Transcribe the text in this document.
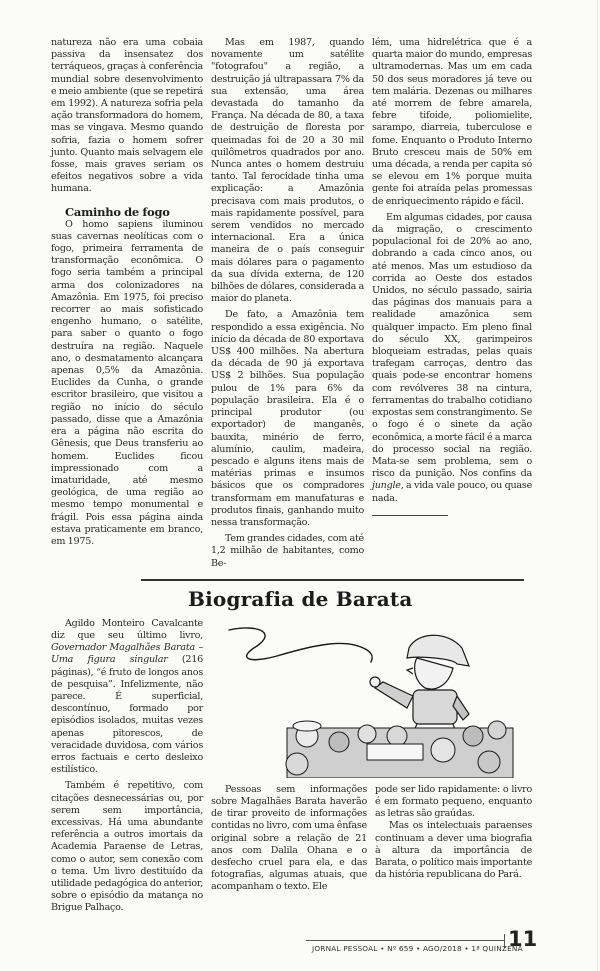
natureza não era uma cobaia passiva da insensatez dos terráqueos, graças à conferência mundial sobre desenvolvimento e meio ambiente (que se repetirá em 1992). A natureza sofria pela ação transformadora do homem, mas se vingava. Mesmo quando sofria, fazia o homem sofrer junto. Quanto mais selvagem ele fosse, mais graves seriam os efeitos negativos sobre a vida humana.

Caminho de fogo

O homo sapiens iluminou suas cavernas neolíticas com o fogo, primeira ferramenta de transformação econômica. O fogo seria também a principal arma dos colonizadores na Amazônia. Em 1975, foi preciso recorrer ao mais sofisticado engenho humano, o satélite, para saber o quanto o fogo destruíra na região. Naquele ano, o desmatamento alcançara apenas 0,5% da Amazônia. Euclides da Cunha, o grande escritor brasileiro, que visitou a região no início do século passado, disse que a Amazônia era a página não escrita do Gênesis, que Deus transferiu ao homem. Euclides ficou impressionado com a imaturidade, até mesmo geológica, de uma região ao mesmo tempo monumental e frágil. Pois essa página ainda estava praticamente em branco, em 1975.

Mas em 1987, quando novamente um satélite "fotografou" a região, a destruição já ultrapassara 7% da sua extensão, uma área devastada do tamanho da França. Na década de 80, a taxa de destruição de floresta por queimadas foi de 20 a 30 mil quilômetros quadrados por ano. Nunca antes o homem destruiu tanto. Tal ferocidade tinha uma explicação: a Amazônia precisava com mais produtos, o mais rapidamente possível, para serem vendidos no mercado internacional. Era a única maneira de o país conseguir mais dólares para o pagamento da sua dívida externa, de 120 bilhões de dólares, considerada a maior do planeta.

De fato, a Amazônia tem respondido a essa exigência. No início da década de 80 exportava US$ 400 milhões. Na abertura da década de 90 já exportava US$ 2 bilhões. Sua população pulou de 1% para 6% da população brasileira. Ela é o principal produtor (ou exportador) de manganês, bauxita, minério de ferro, alumínio, caulim, madeira, pescado e alguns itens mais de matérias primas e insumos básicos que os compradores transformam em manufaturas e produtos finais, ganhando muito nessa transformação.

Tem grandes cidades, com até 1,2 milhão de habitantes, como Be-

lém, uma hidrelétrica que é a quarta maior do mundo, empresas ultramodernas. Mas um em cada 50 dos seus moradores já teve ou tem malária. Dezenas ou milhares até morrem de febre amarela, febre tifoide, poliomielite, sarampo, diarreia, tuberculose e fome. Enquanto o Produto Interno Bruto cresceu mais de 50% em uma década, a renda per capita só se elevou em 1% porque muita gente foi atraída pelas promessas de enriquecimento rápido e fácil.

Em algumas cidades, por causa da migração, o crescimento populacional foi de 20% ao ano, dobrando a cada cinco anos, ou até menos. Mas um estudioso da corrida ao Oeste dos estados Unidos, no século passado, sairia das páginas dos manuais para a realidade amazônica sem qualquer impacto. Em pleno final do século XX, garimpeiros bloqueiam estradas, pelas quais trafegam carroças, dentro das quais pode-se encontrar homens com revólveres 38 na cintura, ferramentas do trabalho cotidiano expostas sem constrangimento. Se o fogo é o sinete da ação econômica, a morte fácil é a marca do processo social na região. Mata-se sem problema, sem o risco da punição. Nos confins da jungle, a vida vale pouco, ou quase nada.

Biografia de Barata

Agildo Monteiro Cavalcante diz que seu último livro, Governador Magalhães Barata – Uma figura singular (216 páginas), “é fruto de longos anos de pesquisa”. Infelizmente, não parece. É superficial, descontínuo, formado por episódios isolados, muitas vezes apenas pitorescos, de veracidade duvidosa, com vários erros factuais e certo desleixo estilístico.

Também é repetitivo, com citações desnecessárias ou, por serem sem importância, excessivas. Há uma abundante referência a outros imortais da Academia Paraense de Letras, como o autor, sem conexão com o tema. Um livro destituído da utilidade pedagógica do anterior, sobre o episódio da matança no Brigue Palhaço.

Pessoas sem informações sobre Magalhães Barata haverão de tirar proveito de informações contidas no livro, com uma ênfase original sobre a relação de 21 anos com Dalila Ohana e o desfecho cruel para ela, e das fotografias, algumas atuais, que acompanham o texto. Ele

pode ser lido rapidamente: o livro é em formato pequeno, enquanto as letras são graúdas.

Mas os intelectuais paraenses continuam a dever uma biografia à altura da importância de Barata, o político mais importante da história republicana do Pará.

JORNAL PESSOAL • Nº 659 • AGO/2018 • 1ª QUINZENA
11
